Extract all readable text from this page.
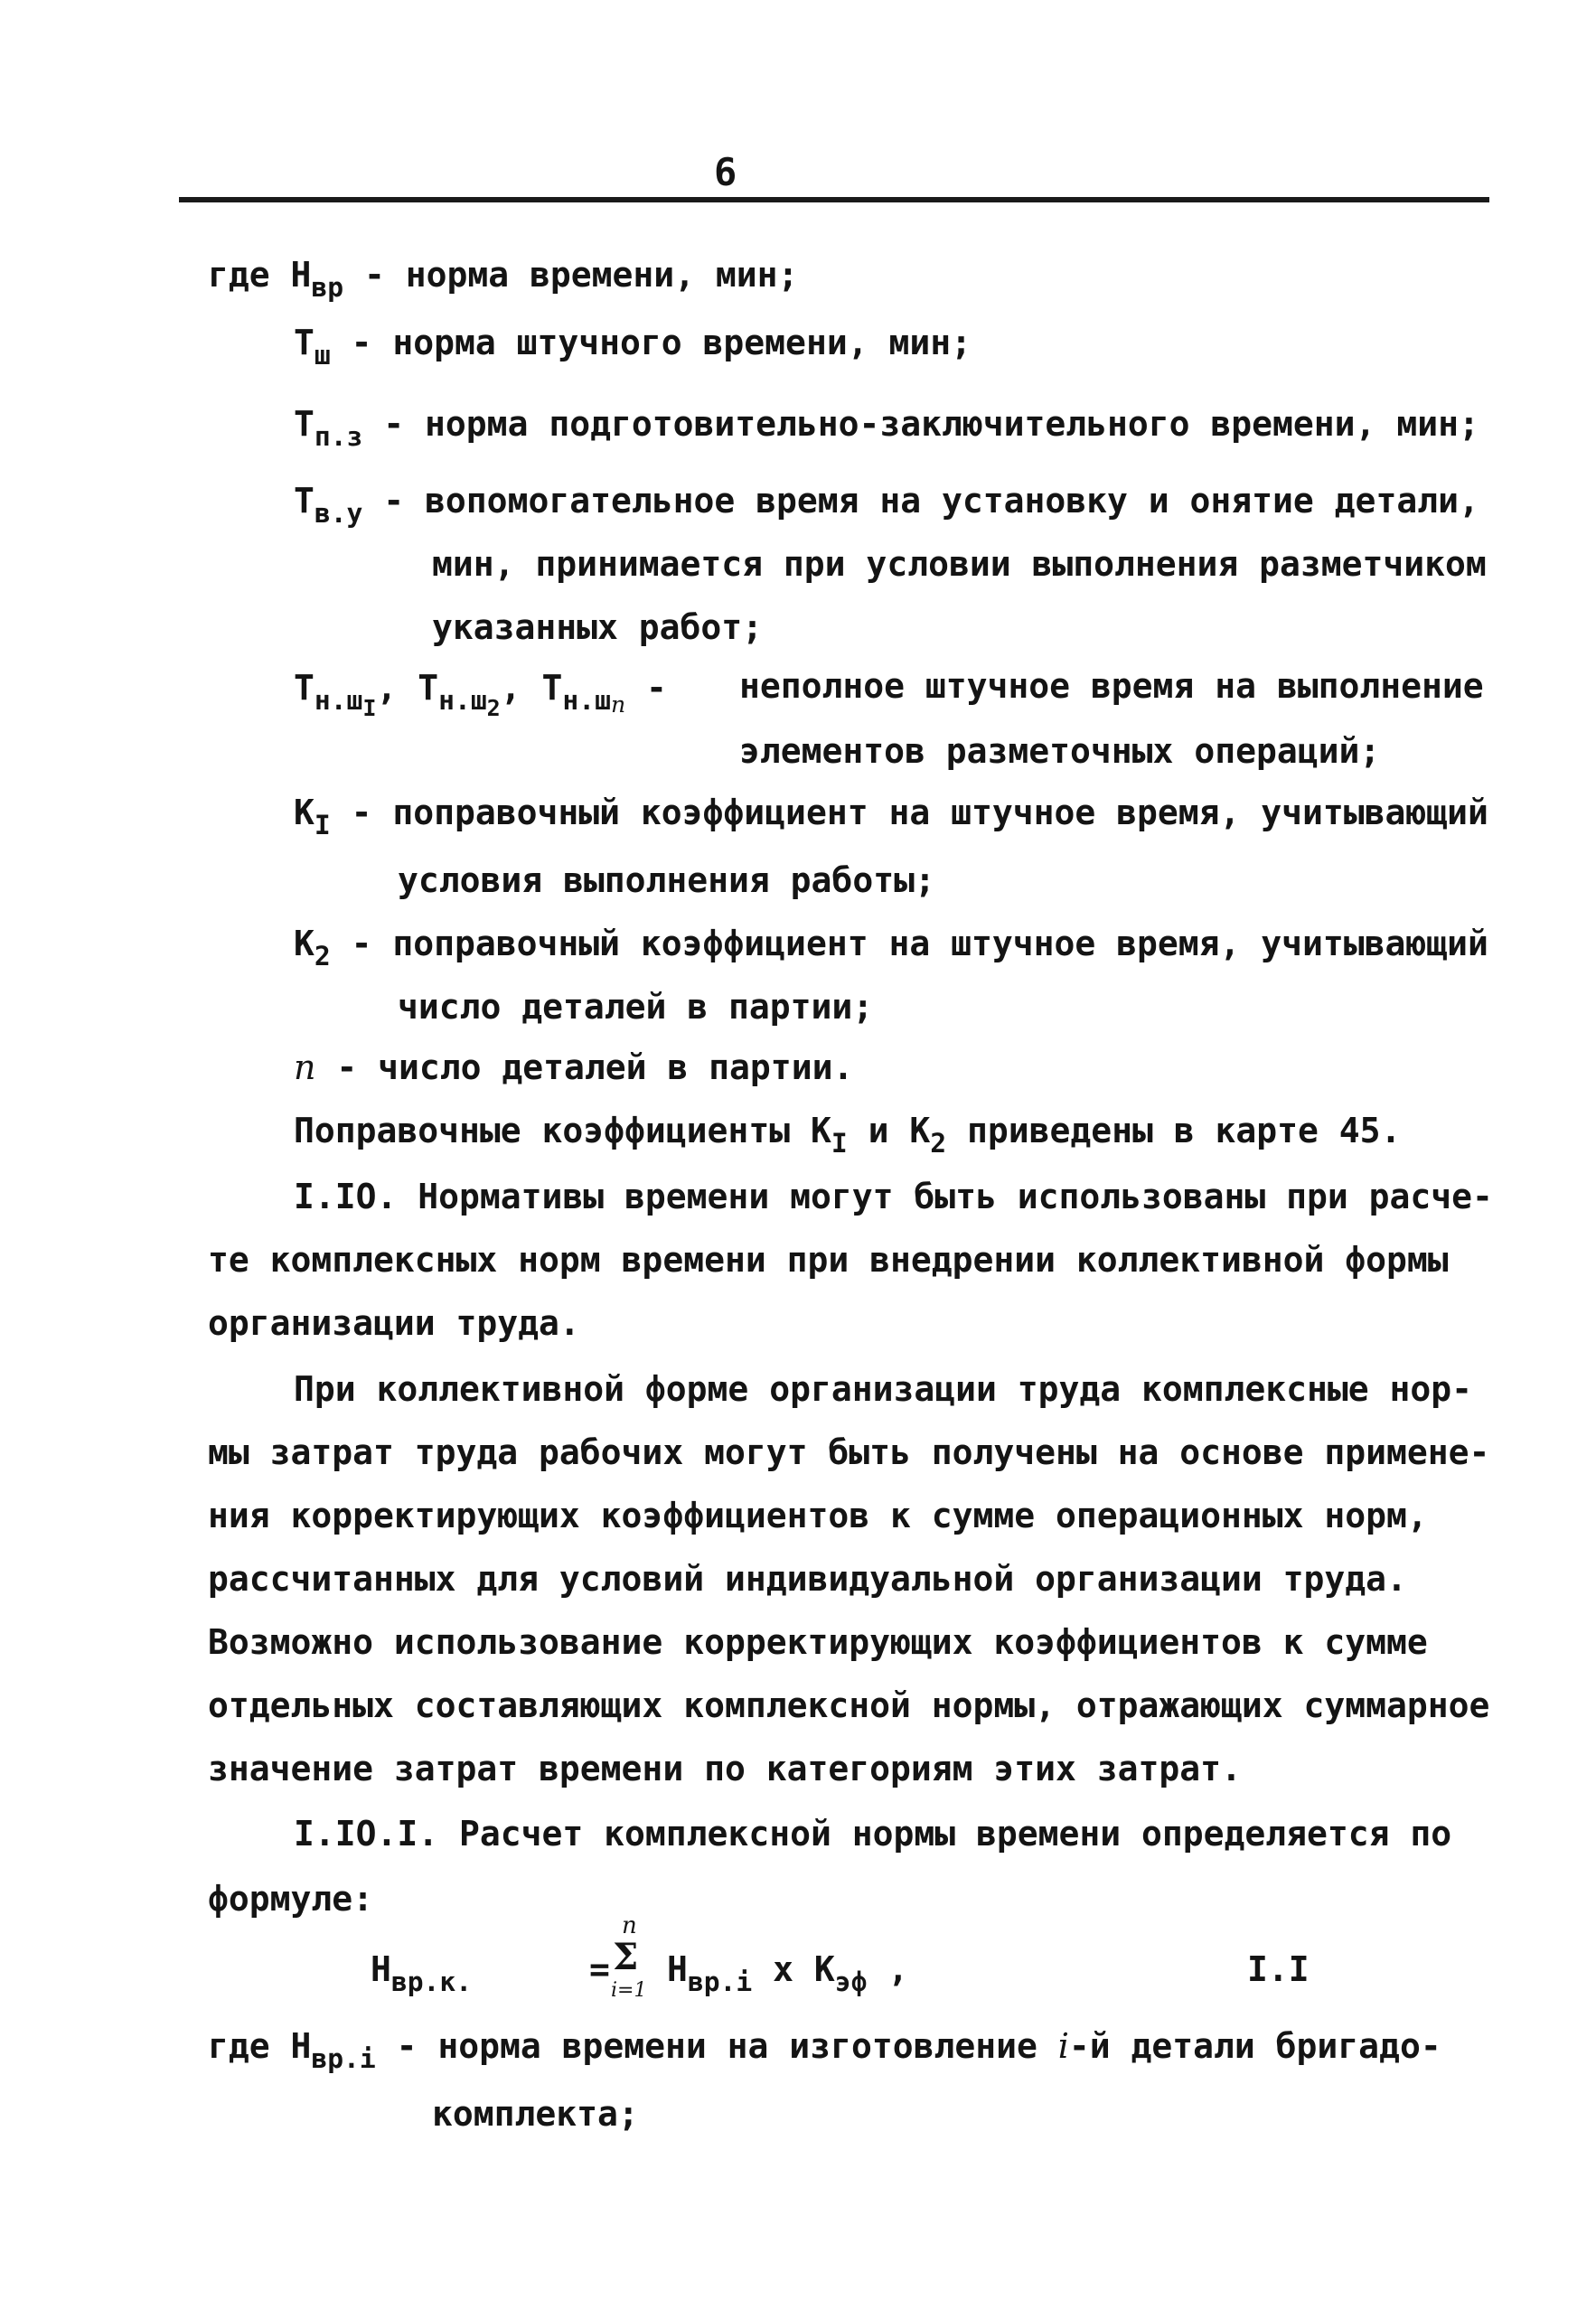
6
где $Н_{вр}$ - норма времени, мин;
$Т_ш$ - норма штучного времени, мин;
$Т_{п.з}$ - норма подготовительно-заключительного времени, мин;
$Т_{в.у}$ - вопомогательное время на установку и онятие детали,
мин, принимается при условии выполнения разметчиком
указанных работ;
$Т_{н.шI}$, $Т_{н.ш2}$, $Т_{н.шn}$ - неполное штучное время на выполнение
элементов разметочных операций;
$К_I$ - поправочный коэффициент на штучное время, учитывающий
условия выполнения работы;
$К_2$ - поправочный коэффициент на штучное время, учитывающий
число деталей в партии;
n - число деталей в партии.
Поправочные коэффициенты $К_I$ и $К_2$ приведены в карте 45.
I.IO. Нормативы времени могут быть использованы при расче-
те комплексных норм времени при внедрении коллективной формы
организации труда.
При коллективной форме организации труда комплексные нор-
мы затрат труда рабочих могут быть получены на основе примене-
ния корректирующих коэффициентов к сумме операционных норм,
рассчитанных для условий индивидуальной организации труда.
Возможно использование корректирующих коэффициентов к сумме
отдельных составляющих комплексной нормы, отражающих суммарное
значение затрат времени по категориям этих затрат.
I.IO.I. Расчет комплексной нормы времени определяется по
формуле:
$Н_{вр.к.}$	=
n
Σ
i=1
$Н_{вр.i}$ х $К_{эф}$ ,	I.I
где $Н_{вр.i}$ - норма времени на изготовление i-й детали бригадо-
комплекта;
